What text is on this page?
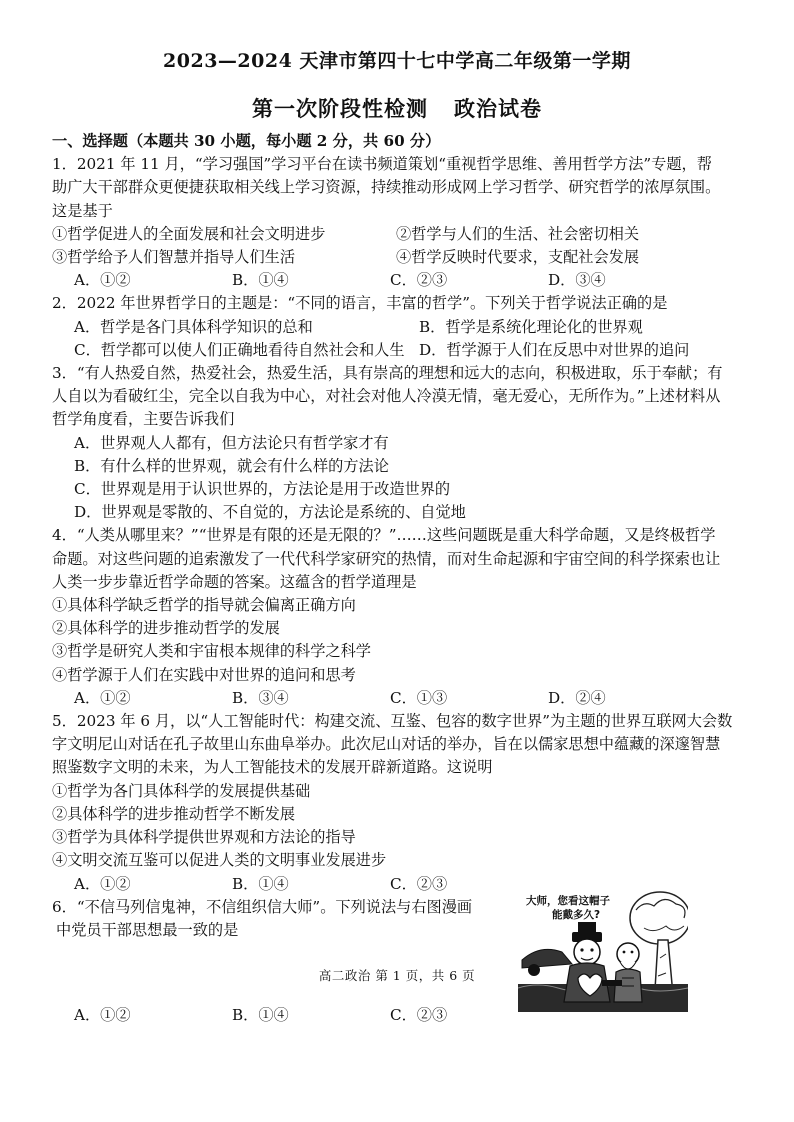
2023—2024 天津市第四十七中学高二年级第一学期
第一次阶段性检测 政治试卷

一、选择题（本题共 30 小题，每小题 2 分，共 60 分）

1．2021 年 11 月，“学习强国”学习平台在读书频道策划“重视哲学思维、善用哲学方法”专题，帮

助广大干部群众更便捷获取相关线上学习资源，持续推动形成网上学习哲学、研究哲学的浓厚氛围。

这是基于

①哲学促进人的全面发展和社会文明进步	②哲学与人们的生活、社会密切相关

③哲学给予人们智慧并指导人们生活	④哲学反映时代要求，支配社会发展

A．①②	B．①④	C．②③	D．③④

2．2022 年世界哲学日的主题是：“不同的语言，丰富的哲学”。下列关于哲学说法正确的是

A．哲学是各门具体科学知识的总和	B．哲学是系统化理论化的世界观

C．哲学都可以使人们正确地看待自然社会和人生 D．哲学源于人们在反思中对世界的追问

3．“有人热爱自然，热爱社会，热爱生活，具有崇高的理想和远大的志向，积极进取，乐于奉献；有

人自以为看破红尘，完全以自我为中心，对社会对他人冷漠无情，毫无爱心，无所作为。”上述材料从

哲学角度看，主要告诉我们

A．世界观人人都有，但方法论只有哲学家才有

B．有什么样的世界观，就会有什么样的方法论

C．世界观是用于认识世界的，方法论是用于改造世界的

D．世界观是零散的、不自觉的，方法论是系统的、自觉地

4．“人类从哪里来？”“世界是有限的还是无限的？”……这些问题既是重大科学命题，又是终极哲学

命题。对这些问题的追索激发了一代代科学家研究的热情，而对生命起源和宇宙空间的科学探索也让

人类一步步靠近哲学命题的答案。这蕴含的哲学道理是

①具体科学缺乏哲学的指导就会偏离正确方向

②具体科学的进步推动哲学的发展

③哲学是研究人类和宇宙根本规律的科学之科学

④哲学源于人们在实践中对世界的追问和思考

A．①②	B．③④	C．①③	D．②④

5．2023 年 6 月，以“人工智能时代：构建交流、互鉴、包容的数字世界”为主题的世界互联网大会数

字文明尼山对话在孔子故里山东曲阜举办。此次尼山对话的举办，旨在以儒家思想中蕴藏的深邃智慧

照鉴数字文明的未来，为人工智能技术的发展开辟新道路。这说明

①哲学为各门具体科学的发展提供基础

②具体科学的进步推动哲学不断发展

③哲学为具体科学提供世界观和方法论的指导

④文明交流互鉴可以促进人类的文明事业发展进步

A．①②	B．①④	C．②③

6．“不信马列信鬼神，不信组织信大师”。下列说法与右图漫画

中党员干部思想最一致的是

大师，您看这帽子
能戴多久?
高二政治 第 1 页，共 6 页
A．①②	B．①④	C．②③
